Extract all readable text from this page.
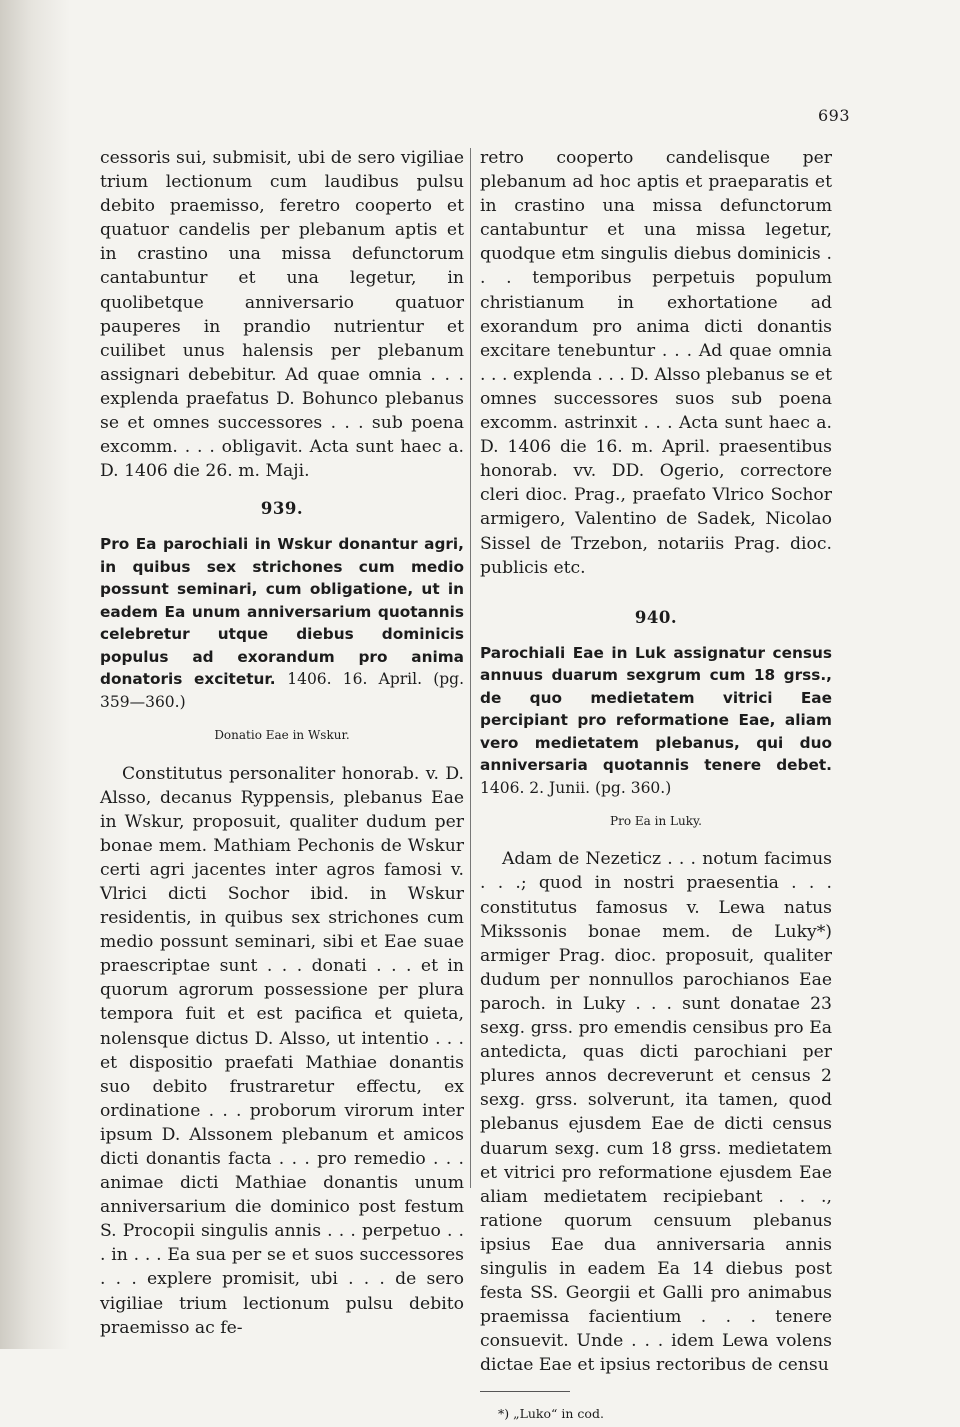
693

cessoris sui, submisit, ubi de sero vigiliae trium lectionum cum laudibus pulsu debito praemisso, feretro cooperto et quatuor candelis per plebanum aptis et in crastino una missa defunctorum cantabuntur et una legetur, in quolibetque anniversario quatuor pauperes in prandio nutrientur et cuilibet unus halensis per plebanum assignari debebitur. Ad quae omnia . . . explenda praefatus D. Bohunco plebanus se et omnes successores . . . sub poena excomm. . . . obligavit. Acta sunt haec a. D. 1406 die 26. m. Maji.

939.

Pro Ea parochiali in Wskur donantur agri, in quibus sex strichones cum medio possunt seminari, cum obligatione, ut in eadem Ea unum anniversarium quotannis celebretur utque diebus dominicis populus ad exorandum pro anima donatoris excitetur. 1406. 16. April. (pg. 359—360.)

Donatio Eae in Wskur.

Constitutus personaliter honorab. v. D. Alsso, decanus Ryppensis, plebanus Eae in Wskur, proposuit, qualiter dudum per bonae mem. Mathiam Pechonis de Wskur certi agri jacentes inter agros famosi v. Vlrici dicti Sochor ibid. in Wskur residentis, in quibus sex strichones cum medio possunt seminari, sibi et Eae suae praescriptae sunt . . . donati . . . et in quorum agrorum possessione per plura tempora fuit et est pacifica et quieta, nolensque dictus D. Alsso, ut intentio . . . et dispositio praefati Mathiae donantis suo debito frustraretur effectu, ex ordinatione . . . proborum virorum inter ipsum D. Alssonem plebanum et amicos dicti donantis facta . . . pro remedio . . . animae dicti Mathiae donantis unum anniversarium die dominico post festum S. Procopii singulis annis . . . perpetuo . . . in . . . Ea sua per se et suos successores . . . explere promisit, ubi . . . de sero vigiliae trium lectionum pulsu debito praemisso ac fe-

retro cooperto candelisque per plebanum ad hoc aptis et praeparatis et in crastino una missa defunctorum cantabuntur et una missa legetur, quodque etm singulis diebus dominicis . . . temporibus perpetuis populum christianum in exhortatione ad exorandum pro anima dicti donantis excitare tenebuntur . . . Ad quae omnia . . . explenda . . . D. Alsso plebanus se et omnes successores suos sub poena excomm. astrinxit . . . Acta sunt haec a. D. 1406 die 16. m. April. praesentibus honorab. vv. DD. Ogerio, correctore cleri dioc. Prag., praefato Vlrico Sochor armigero, Valentino de Sadek, Nicolao Sissel de Trzebon, notariis Prag. dioc. publicis etc.

940.

Parochiali Eae in Luk assignatur census annuus duarum sexgrum cum 18 grss., de quo medietatem vitrici Eae percipiant pro reformatione Eae, aliam vero medietatem plebanus, qui duo anniversaria quotannis tenere debet. 1406. 2. Junii. (pg. 360.)

Pro Ea in Luky.

Adam de Nezeticz . . . notum facimus . . .; quod in nostri praesentia . . . constitutus famosus v. Lewa natus Mikssonis bonae mem. de Luky*) armiger Prag. dioc. proposuit, qualiter dudum per nonnullos parochianos Eae paroch. in Luky . . . sunt donatae 23 sexg. grss. pro emendis censibus pro Ea antedicta, quas dicti parochiani per plures annos decreverunt et census 2 sexg. grss. solverunt, ita tamen, quod plebanus ejusdem Eae de dicti census duarum sexg. cum 18 grss. medietatem et vitrici pro reformatione ejusdem Eae aliam medietatem recipiebant . . ., ratione quorum censuum plebanus ipsius Eae dua anniversaria annis singulis in eadem Ea 14 diebus post festa SS. Georgii et Galli pro animabus praemissa facientium . . . tenere consuevit. Unde . . . idem Lewa volens dictae Eae et ipsius rectoribus de censu

*) „Luko“ in cod.
